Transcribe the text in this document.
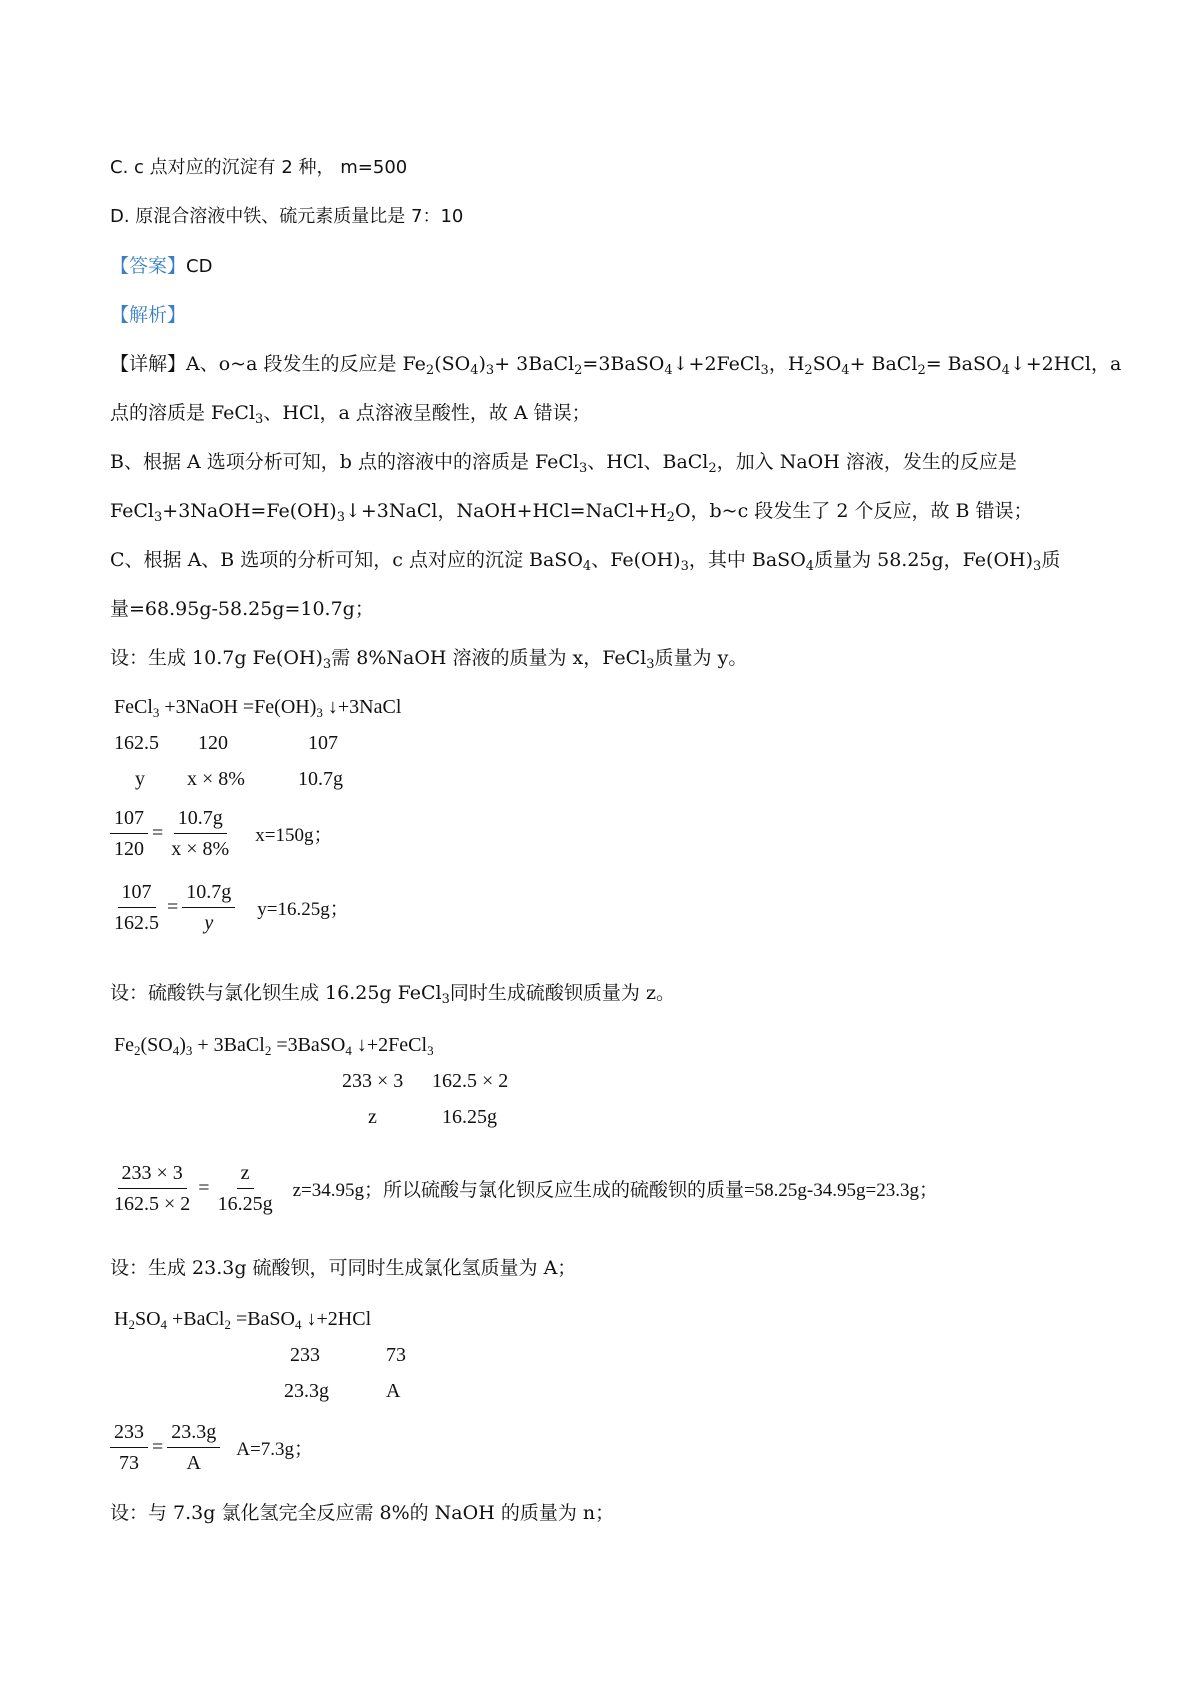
C. c 点对应的沉淀有 2 种， m=500
D. 原混合溶液中铁、硫元素质量比是 7：10
【答案】CD
【解析】
【详解】A、o~a 段发生的反应是 $Fe_2(SO_4)_3+$ 3BaCl$_2$=3BaSO$_4$↓+2FeCl$_3$，$H_2SO_4+$ BaCl$_2$= BaSO$_4$↓+2HCl，a
点的溶质是 FeCl$_3$、HCl，a 点溶液呈酸性，故 A 错误；
B、根据 A 选项分析可知，b 点的溶液中的溶质是 FeCl$_3$、HCl、BaCl$_2$，加入 NaOH 溶液，发生的反应是
$FeCl_3+3NaOH=Fe(OH)_3↓+3NaCl$，$NaOH+HCl=NaCl+H_2O$，b~c 段发生了 2 个反应，故 B 错误；
C、根据 A、B 选项的分析可知，c 点对应的沉淀 BaSO$_4$、$Fe(OH)_3$，其中 BaSO$_4$质量为 58.25g，$Fe(OH)_3$质
量=68.95g-58.25g=10.7g；
设：生成 10.7g $Fe(OH)_3$需 8%NaOH 溶液的质量为 x，FeCl$_3$质量为 y。
FeCl$_3$ +3NaOH $=Fe(OH)_3$ ↓+3NaCl
162.5 120	107
y x × 8%	10.7g
$\frac{107}{120} = \frac{10.7g}{x \times 8\%} x=150g$；
$\frac{107}{162.5} = \frac{10.7g}{y} y=16.25g$；
设：硫酸铁与氯化钡生成 16.25g FeCl$_3$同时生成硫酸钡质量为 z。
$Fe_2(SO_4)_3$ + 3BaCl$_2$ =3BaSO$_4$ ↓+2FeCl$_3$
233 × 3 162.5 × 2
z	16.25g
$\frac{233 \times 3}{162.5 \times 2} = \frac{z}{16.25g} z=34.95g$；所以硫酸与氯化钡反应生成的硫酸钡的质量=58.25g-34.95g=23.3g；
设：生成 23.3g 硫酸钡，可同时生成氯化氢质量为 A；
$H_2SO_4$ +BaCl$_2$ =BaSO$_4$ ↓+2HCl
233	73
23.3g	A
$\frac{233}{73} = \frac{23.3g}{A} A=7.3g$；
设：与 7.3g 氯化氢完全反应需 8%的 NaOH 的质量为 n；
